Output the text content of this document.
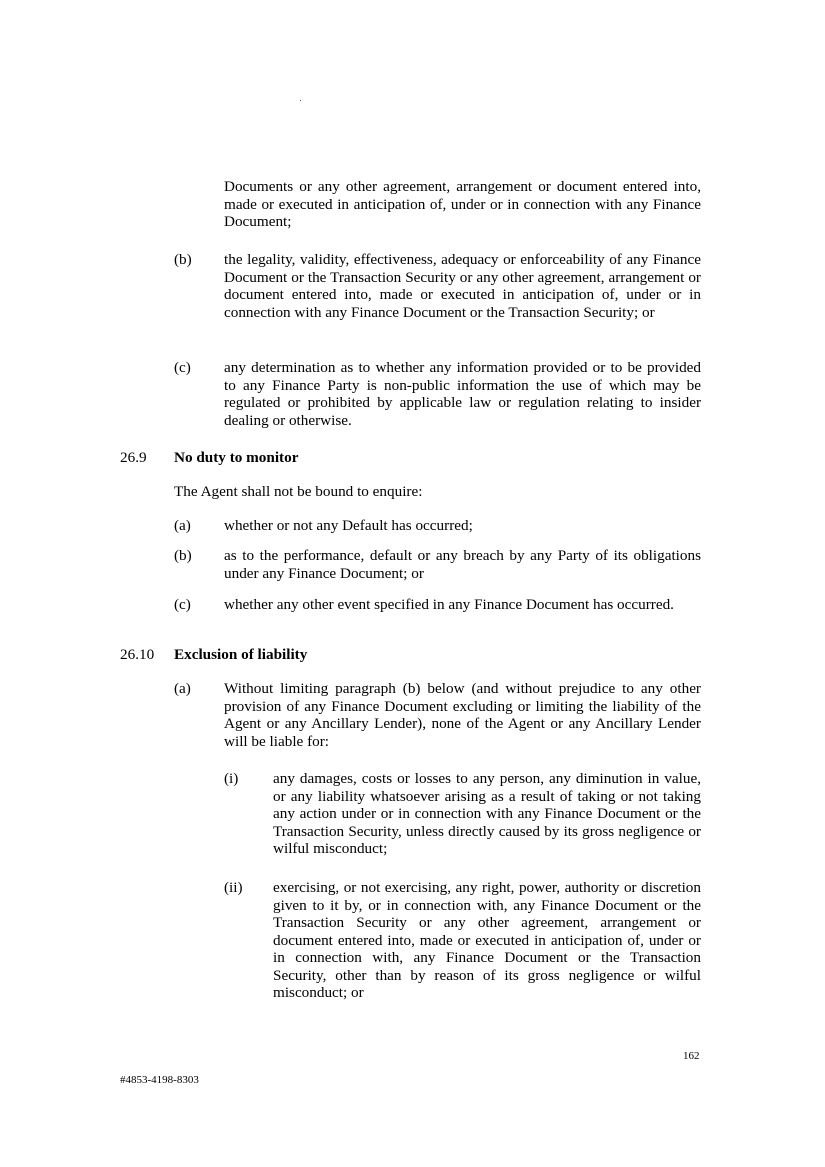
Documents or any other agreement, arrangement or document entered into, made or executed in anticipation of, under or in connection with any Finance Document;
(b) the legality, validity, effectiveness, adequacy or enforceability of any Finance Document or the Transaction Security or any other agreement, arrangement or document entered into, made or executed in anticipation of, under or in connection with any Finance Document or the Transaction Security; or
(c) any determination as to whether any information provided or to be provided to any Finance Party is non-public information the use of which may be regulated or prohibited by applicable law or regulation relating to insider dealing or otherwise.
26.9 No duty to monitor
The Agent shall not be bound to enquire:
(a) whether or not any Default has occurred;
(b) as to the performance, default or any breach by any Party of its obligations under any Finance Document; or
(c) whether any other event specified in any Finance Document has occurred.
26.10 Exclusion of liability
(a) Without limiting paragraph (b) below (and without prejudice to any other provision of any Finance Document excluding or limiting the liability of the Agent or any Ancillary Lender), none of the Agent or any Ancillary Lender will be liable for:
(i) any damages, costs or losses to any person, any diminution in value, or any liability whatsoever arising as a result of taking or not taking any action under or in connection with any Finance Document or the Transaction Security, unless directly caused by its gross negligence or wilful misconduct;
(ii) exercising, or not exercising, any right, power, authority or discretion given to it by, or in connection with, any Finance Document or the Transaction Security or any other agreement, arrangement or document entered into, made or executed in anticipation of, under or in connection with, any Finance Document or the Transaction Security, other than by reason of its gross negligence or wilful misconduct; or
162
#4853-4198-8303
